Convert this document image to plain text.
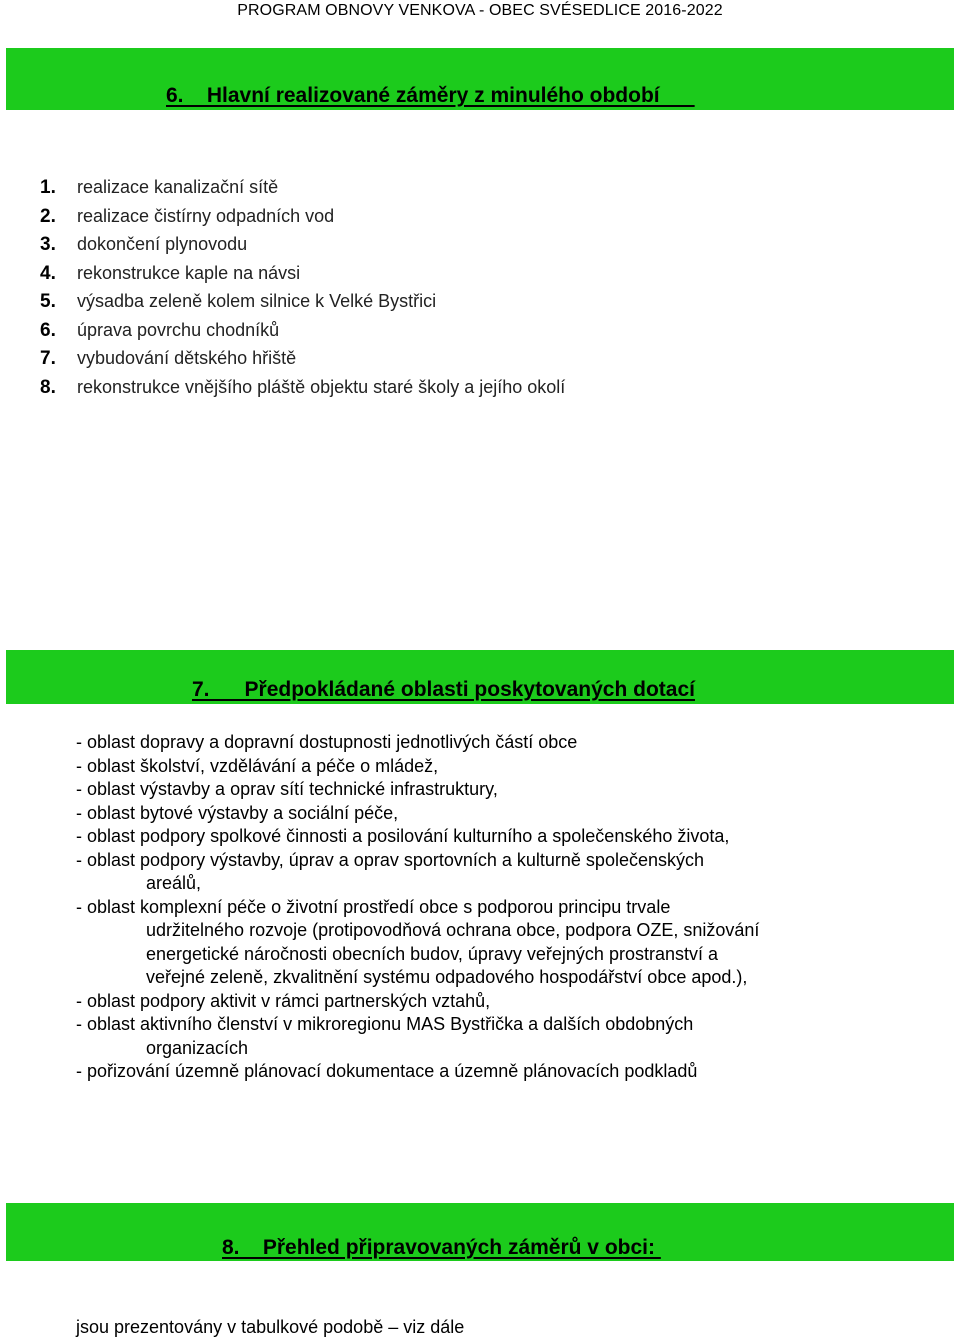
PROGRAM OBNOVY VENKOVA - OBEC SVÉSEDLICE 2016-2022
6.    Hlavní realizované záměry z minulého období
1.	realizace kanalizační sítě
2.	realizace čistírny odpadních vod
3.	dokončení plynovodu
4.	rekonstrukce kaple na návsi
5.	výsadba zeleně kolem silnice k Velké Bystřici
6.	úprava povrchu chodníků
7.	vybudování dětského hřiště
8.	rekonstrukce vnějšího pláště objektu staré školy a jejího okolí
7.      Předpokládané oblasti poskytovaných dotací
- oblast dopravy a dopravní dostupnosti jednotlivých částí obce
- oblast školství, vzdělávání a péče o mládež,
- oblast výstavby a oprav sítí technické infrastruktury,
- oblast bytové výstavby a sociální péče,
- oblast podpory spolkové činnosti a posilování kulturního a společenského života,
- oblast podpory výstavby, úprav a oprav sportovních a kulturně společenských
areálů,
- oblast komplexní péče o životní prostředí obce s podporou principu trvale
udržitelného rozvoje (protipovodňová ochrana obce, podpora OZE, snižování
energetické náročnosti obecních budov, úpravy veřejných prostranství a
veřejné zeleně, zkvalitnění systému odpadového hospodářství obce apod.),
- oblast podpory aktivit v rámci partnerských vztahů,
- oblast aktivního členství v mikroregionu MAS Bystřička a dalších obdobných
organizacích
- pořizování územně plánovací dokumentace a územně plánovacích podkladů
8.    Přehled připravovaných záměrů v obci:
jsou prezentovány v tabulkové podobě – viz dále
